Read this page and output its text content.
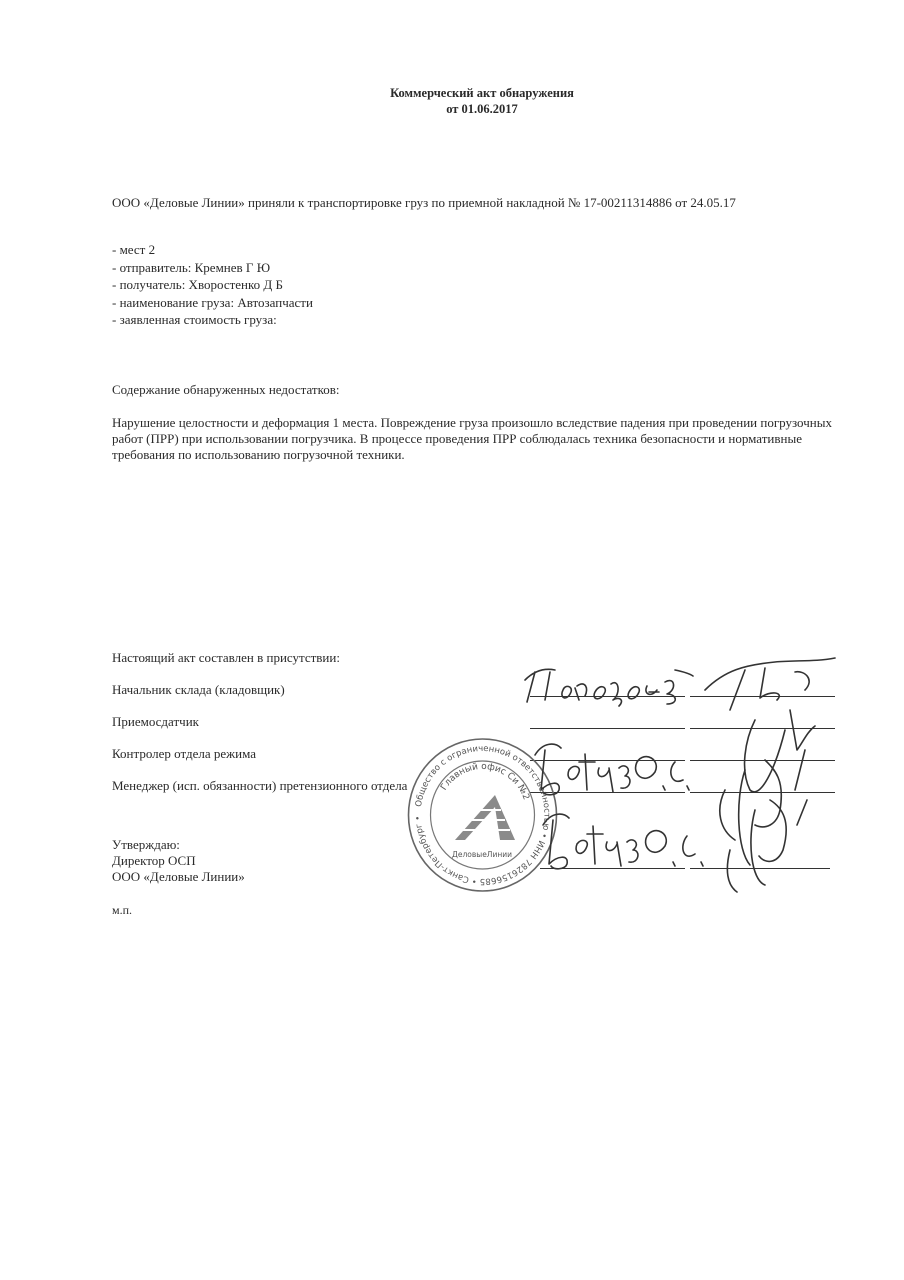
Коммерческий акт обнаружения
от 01.06.2017
ООО «Деловые Линии» приняли к транспортировке груз по приемной накладной № 17-00211314886 от 24.05.17
- мест 2
- отправитель: Кремнев Г Ю
- получатель: Хворостенко Д Б
- наименование груза: Автозапчасти
- заявленная стоимость груза:
Содержание обнаруженных недостатков:
Нарушение целостности и деформация 1 места. Повреждение груза произошло вследствие падения при проведении погрузочных работ (ПРР) при использовании погрузчика. В процессе проведения ПРР соблюдалась техника безопасности и нормативные требования по использованию погрузочной техники.
Настоящий акт составлен в присутствии:
Начальник склада (кладовщик)
Приемосдатчик
Контролер отдела режима
Менеджер (исп. обязанности) претензионного отдела
Утверждаю:
Директор ОСП
ООО «Деловые Линии»
м.п.
Общество с ограниченной ответственностью • ИНН 7826156685 • Санкт-Петербург •
Главный офис Си №2
ДеловыеЛинии
